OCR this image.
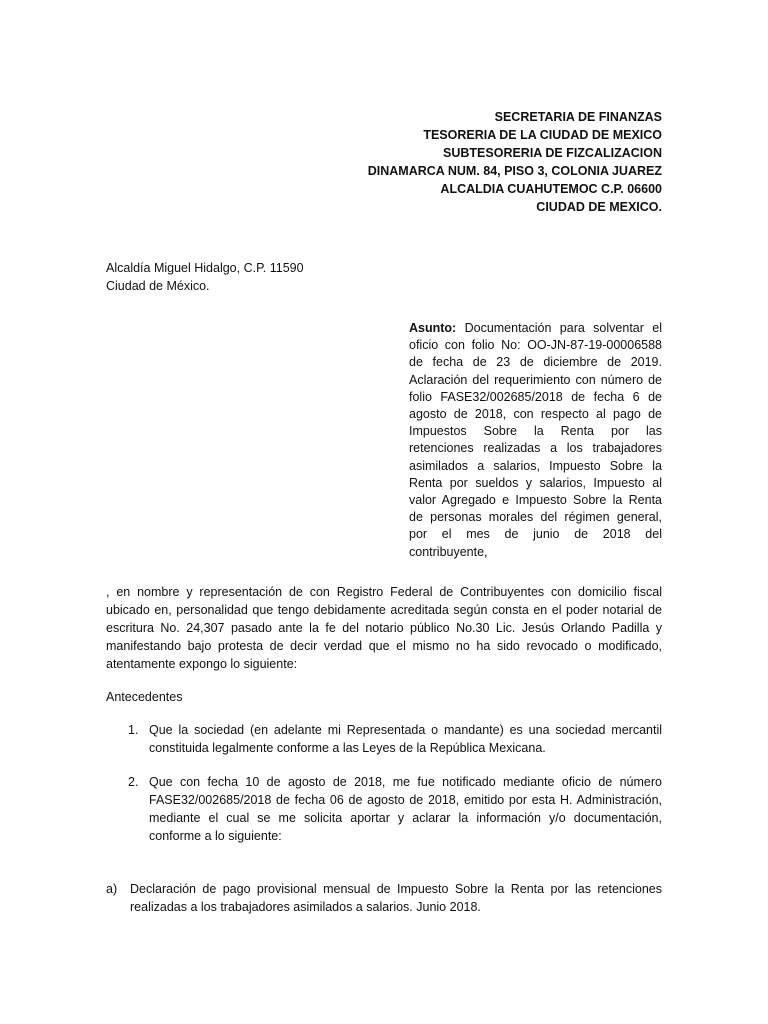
SECRETARIA DE FINANZAS
TESORERIA DE LA CIUDAD DE MEXICO
SUBTESORERIA DE FIZCALIZACION
DINAMARCA NUM. 84, PISO 3, COLONIA JUAREZ
ALCALDIA CUAHUTEMOC C.P. 06600
CIUDAD DE MEXICO.
Alcaldía Miguel Hidalgo, C.P. 11590
Ciudad de México.
Asunto: Documentación para solventar el oficio con folio No: OO-JN-87-19-00006588 de fecha de 23 de diciembre de 2019. Aclaración del requerimiento con número de folio FASE32/002685/2018 de fecha 6 de agosto de 2018, con respecto al pago de Impuestos Sobre la Renta por las retenciones realizadas a los trabajadores asimilados a salarios, Impuesto Sobre la Renta por sueldos y salarios, Impuesto al valor Agregado e Impuesto Sobre la Renta de personas morales del régimen general, por el mes de junio de 2018 del contribuyente,
, en nombre y representación de con Registro Federal de Contribuyentes con domicilio fiscal ubicado en, personalidad que tengo debidamente acreditada según consta en el poder notarial de escritura No. 24,307 pasado ante la fe del notario público No.30 Lic. Jesús Orlando Padilla y manifestando bajo protesta de decir verdad que el mismo no ha sido revocado o modificado, atentamente expongo lo siguiente:
Antecedentes
1. Que la sociedad (en adelante mi Representada o mandante) es una sociedad mercantil constituida legalmente conforme a las Leyes de la República Mexicana.
2. Que con fecha 10 de agosto de 2018, me fue notificado mediante oficio de número FASE32/002685/2018 de fecha 06 de agosto de 2018, emitido por esta H. Administración, mediante el cual se me solicita aportar y aclarar la información y/o documentación, conforme a lo siguiente:
a) Declaración de pago provisional mensual de Impuesto Sobre la Renta por las retenciones realizadas a los trabajadores asimilados a salarios. Junio 2018.
